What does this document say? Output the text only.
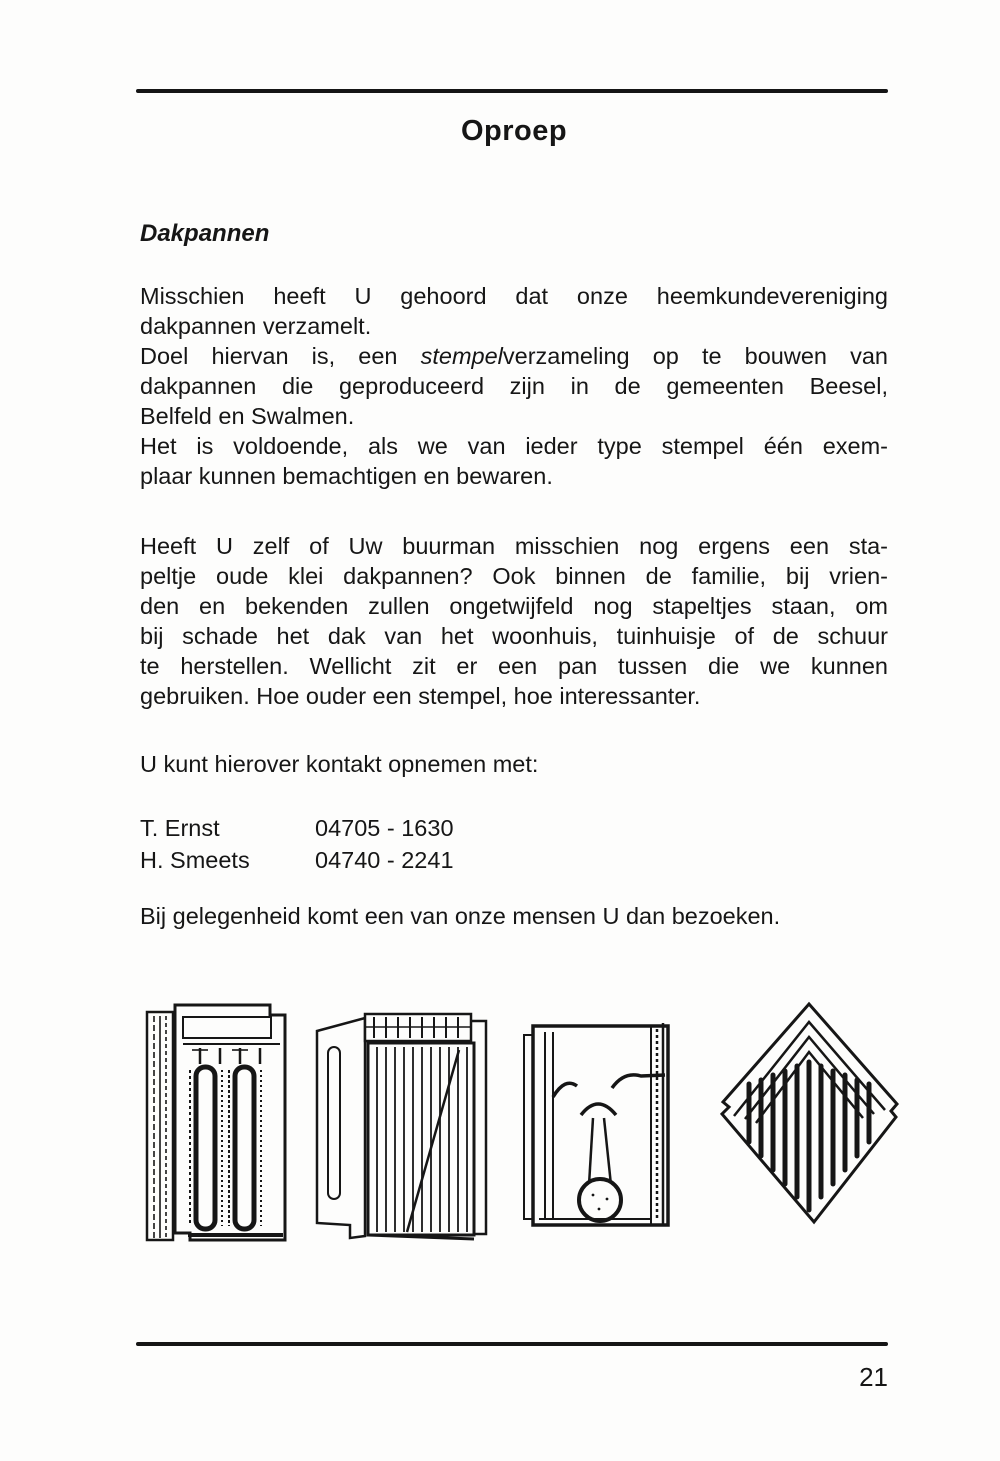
Oproep
Dakpannen
Misschien heeft U gehoord dat onze heemkundevereniging
dakpannen verzamelt.
Doel hiervan is, een stempelverzameling op te bouwen van
dakpannen die geproduceerd zijn in de gemeenten Beesel,
Belfeld en Swalmen.
Het is voldoende, als we van ieder type stempel één exem-
plaar kunnen bemachtigen en bewaren.
Heeft U zelf of Uw buurman misschien nog ergens een sta-
peltje oude klei dakpannen? Ook binnen de familie, bij vrien-
den en bekenden zullen ongetwijfeld nog stapeltjes staan, om
bij schade het dak van het woonhuis, tuinhuisje of de schuur
te herstellen. Wellicht zit er een pan tussen die we kunnen
gebruiken. Hoe ouder een stempel, hoe interessanter.
U kunt hierover kontakt opnemen met:
T. Ernst	04705 - 1630
H. Smeets	04740 - 2241
Bij gelegenheid komt een van onze mensen U dan bezoeken.
21
